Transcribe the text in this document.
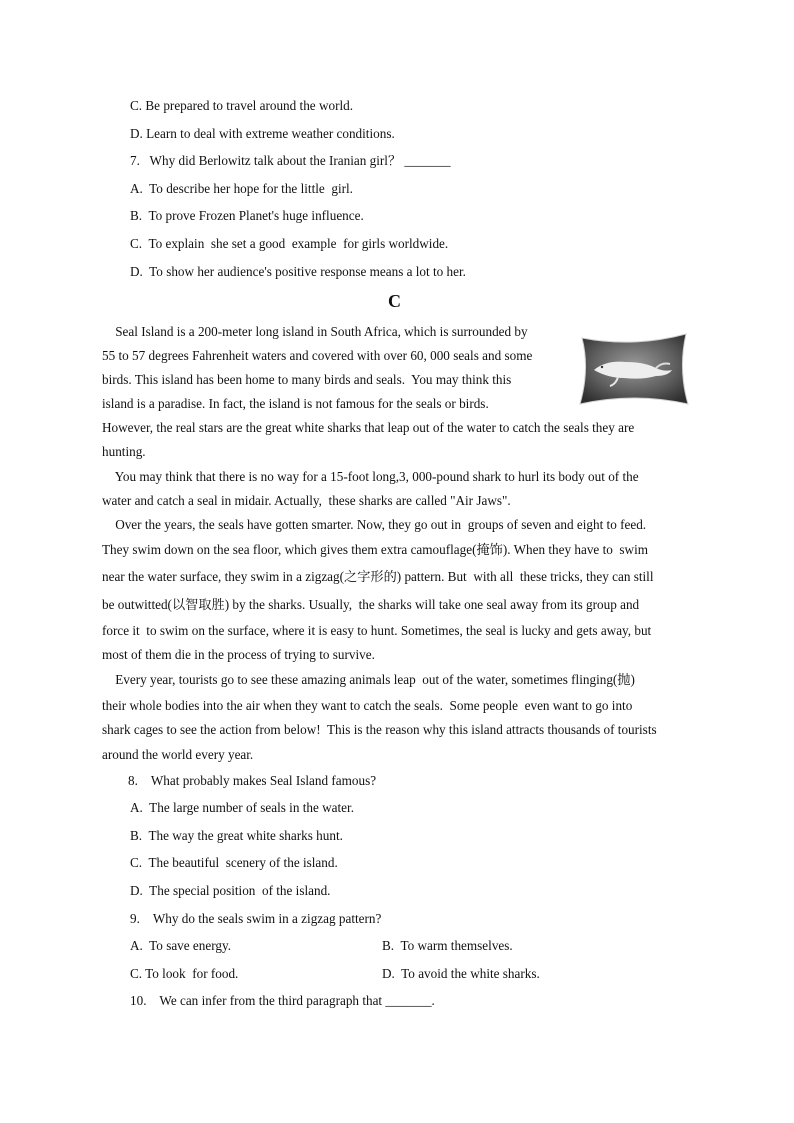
C. Be prepared to travel around the world.
D. Learn to deal with extreme weather conditions.
7.   Why did Berlowitz talk about the Iranian girl？ _______
A.  To describe her hope for the little  girl.
B.  To prove Frozen Planet's huge influence.
C.  To explain  she set a good  example  for girls worldwide.
D.  To show her audience's positive response means a lot to her.
C
Seal Island is a 200-meter long island in South Africa, which is surrounded by
55 to 57 degrees Fahrenheit waters and covered with over 60, 000 seals and some
birds. This island has been home to many birds and seals.  You may think this
island is a paradise. In fact, the island is not famous for the seals or birds.
However, the real stars are the great white sharks that leap out of the water to catch the seals they are
hunting.
You may think that there is no way for a 15-foot long,3, 000-pound shark to hurl its body out of the
water and catch a seal in midair. Actually,  these sharks are called "Air Jaws".
Over the years, the seals have gotten smarter. Now, they go out in  groups of seven and eight to feed.
They swim down on the sea floor, which gives them extra camouflage(掩饰). When they have to  swim
near the water surface, they swim in a zigzag(之字形的) pattern. But  with all  these tricks, they can still
be outwitted(以智取胜) by the sharks. Usually,  the sharks will take one seal away from its group and
force it  to swim on the surface, where it is easy to hunt. Sometimes, the seal is lucky and gets away, but
most of them die in the process of trying to survive.
Every year, tourists go to see these amazing animals leap  out of the water, sometimes flinging(抛)
their whole bodies into the air when they want to catch the seals.  Some people  even want to go into
shark cages to see the action from below!  This is the reason why this island attracts thousands of tourists
around the world every year.
8.    What probably makes Seal Island famous?
A.  The large number of seals in the water.
B.  The way the great white sharks hunt.
C.  The beautiful  scenery of the island.
D.  The special position  of the island.
9.    Why do the seals swim in a zigzag pattern?
A.  To save energy.	B.  To warm themselves.
C. To look  for food.	D.  To avoid the white sharks.
10.    We can infer from the third paragraph that _______.
